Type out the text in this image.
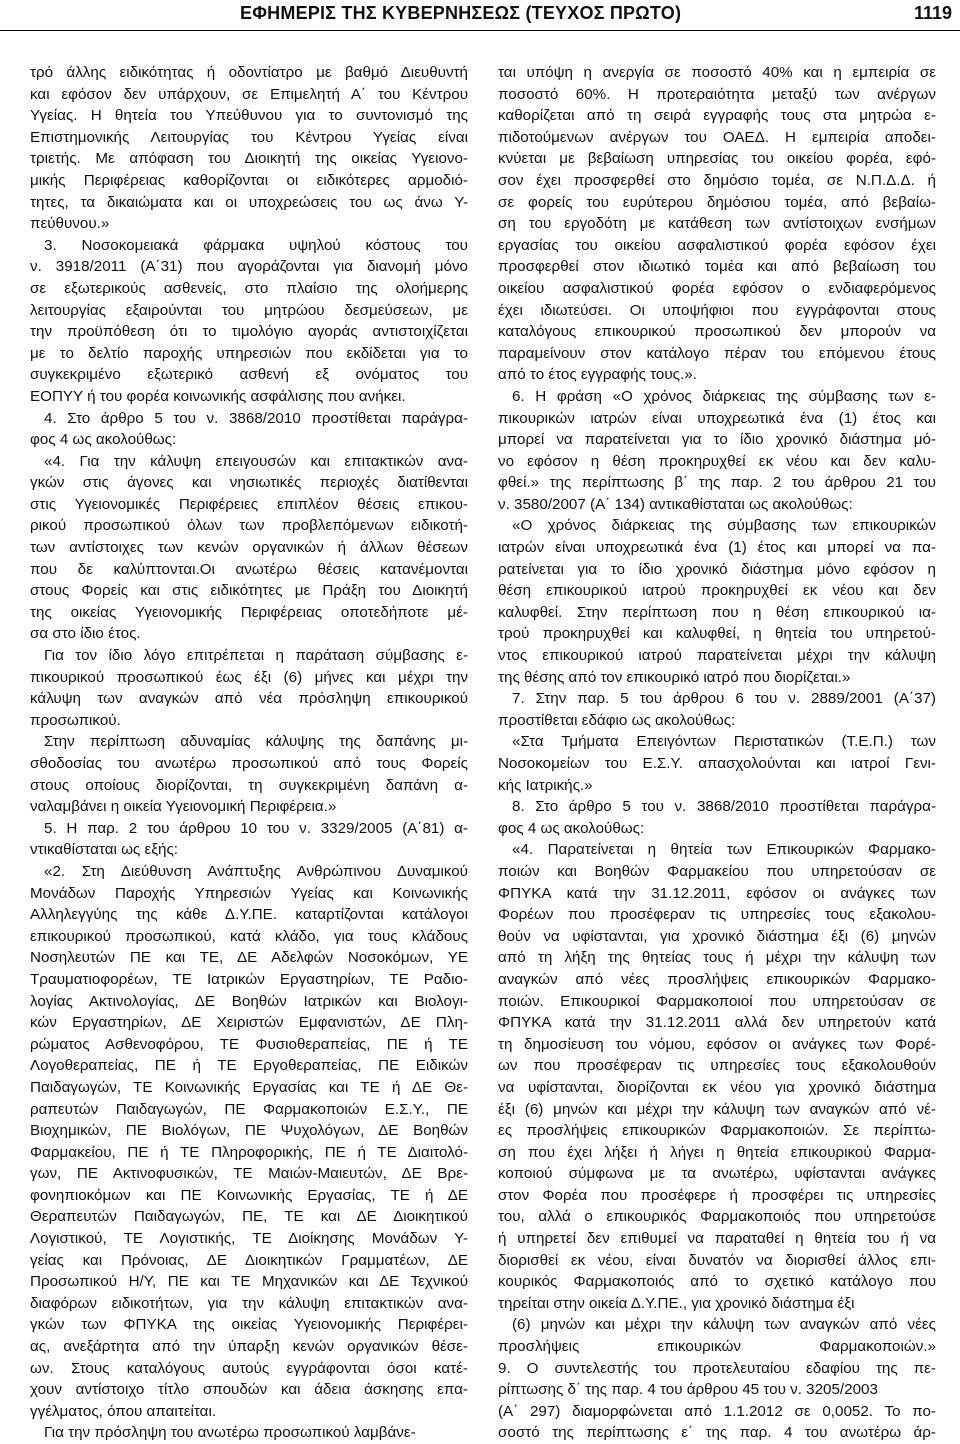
ΕΦΗΜΕΡΙΣ ΤΗΣ ΚΥΒΕΡΝΗΣΕΩΣ (ΤΕΥΧΟΣ ΠΡΩΤΟ)	1119
τρό άλλης ειδικότητας ή οδοντίατρο με βαθμό Διευθυντή
και εφόσον δεν υπάρχουν, σε Επιμελητή Α΄ του Κέντρου
Υγείας. Η θητεία του Υπεύθυνου για το συντονισμό της
Επιστημονικής Λειτουργίας του Κέντρου Υγείας είναι
τριετής. Με απόφαση του Διοικητή της οικείας Υγειονο-
μικής Περιφέρειας καθορίζονται οι ειδικότερες αρμοδιό-
τητες, τα δικαιώματα και οι υποχρεώσεις του ως άνω Υ-
πεύθυνου.»
3. Νοσοκομειακά φάρμακα υψηλού κόστους του
ν. 3918/2011 (Α΄31) που αγοράζονται για διανομή μόνο
σε εξωτερικούς ασθενείς, στο πλαίσιο της ολοήμερης
λειτουργίας εξαιρούνται του μητρώου δεσμεύσεων, με
την προϋπόθεση ότι το τιμολόγιο αγοράς αντιστοιχίζεται
με το δελτίο παροχής υπηρεσιών που εκδίδεται για το
συγκεκριμένο εξωτερικό ασθενή εξ ονόματος του
ΕΟΠΥΥ ή του φορέα κοινωνικής ασφάλισης που ανήκει.
4. Στο άρθρο 5 του ν. 3868/2010 προστίθεται παράγρα-
φος 4 ως ακολούθως:
«4. Για την κάλυψη επειγουσών και επιτακτικών ανα-
γκών στις άγονες και νησιωτικές περιοχές διατίθενται
στις Υγειονομικές Περιφέρειες επιπλέον θέσεις επικου-
ρικού προσωπικού όλων των προβλεπόμενων ειδικοτή-
των αντίστοιχες των κενών οργανικών ή άλλων θέσεων
που δε καλύπτονται.Οι ανωτέρω θέσεις κατανέμονται
στους Φορείς και στις ειδικότητες με Πράξη του Διοικητή
της οικείας Υγειονομικής Περιφέρειας οποτεδήποτε μέ-
σα στο ίδιο έτος.
Για τον ίδιο λόγο επιτρέπεται η παράταση σύμβασης ε-
πικουρικού προσωπικού έως έξι (6) μήνες και μέχρι την
κάλυψη των αναγκών από νέα πρόσληψη επικουρικού
προσωπικού.
Στην περίπτωση αδυναμίας κάλυψης της δαπάνης μι-
σθοδοσίας του ανωτέρω προσωπικού από τους Φορείς
στους οποίους διορίζονται, τη συγκεκριμένη δαπάνη α-
ναλαμβάνει η οικεία Υγειονομική Περιφέρεια.»
5. Η παρ. 2 του άρθρου 10 του ν. 3329/2005 (Α΄81) α-
ντικαθίσταται ως εξής:
«2. Στη Διεύθυνση Ανάπτυξης Ανθρώπινου Δυναμικού
Μονάδων Παροχής Υπηρεσιών Υγείας και Κοινωνικής
Αλληλεγγύης της κάθε Δ.Υ.ΠΕ. καταρτίζονται κατάλογοι
επικουρικού προσωπικού, κατά κλάδο, για τους κλάδους
Νοσηλευτών ΠΕ και ΤΕ, ΔΕ Αδελφών Νοσοκόμων, ΥΕ
Τραυματιοφορέων, ΤΕ Ιατρικών Εργαστηρίων, ΤΕ Ραδιο-
λογίας Ακτινολογίας, ΔΕ Βοηθών Ιατρικών και Βιολογι-
κών Εργαστηρίων, ΔΕ Χειριστών Εμφανιστών, ΔΕ Πλη-
ρώματος Ασθενοφόρου, ΤΕ Φυσιοθεραπείας, ΠΕ ή ΤΕ
Λογοθεραπείας, ΠΕ ή ΤΕ Εργοθεραπείας, ΠΕ Ειδικών
Παιδαγωγών, ΤΕ Κοινωνικής Εργασίας και ΤΕ ή ΔΕ Θε-
ραπευτών Παιδαγωγών, ΠΕ Φαρμακοποιών Ε.Σ.Υ., ΠΕ
Βιοχημικών, ΠΕ Βιολόγων, ΠΕ Ψυχολόγων, ΔΕ Βοηθών
Φαρμακείου, ΠΕ ή ΤΕ Πληροφορικής, ΠΕ ή ΤΕ Διαιτολό-
γων, ΠΕ Ακτινοφυσικών, ΤΕ Μαιών-Μαιευτών, ΔΕ Βρε-
φονηπιοκόμων και ΠΕ Κοινωνικής Εργασίας, ΤΕ ή ΔΕ
Θεραπευτών Παιδαγωγών, ΠΕ, ΤΕ και ΔΕ Διοικητικού
Λογιστικού, ΤΕ Λογιστικής, ΤΕ Διοίκησης Μονάδων Υ-
γείας και Πρόνοιας, ΔΕ Διοικητικών Γραμματέων, ΔΕ
Προσωπικού Η/Υ, ΠΕ και ΤΕ Μηχανικών και ΔΕ Τεχνικού
διαφόρων ειδικοτήτων, για την κάλυψη επιτακτικών ανα-
γκών των ΦΠΥΚΑ της οικείας Υγειονομικής Περιφέρει-
ας, ανεξάρτητα από την ύπαρξη κενών οργανικών θέσε-
ων. Στους καταλόγους αυτούς εγγράφονται όσοι κατέ-
χουν αντίστοιχο τίτλο σπουδών και άδεια άσκησης επα-
γγέλματος, όπου απαιτείται.
Για την πρόσληψη του ανωτέρω προσωπικού λαμβάνε-
ται υπόψη η ανεργία σε ποσοστό 40% και η εμπειρία σε
ποσοστό 60%. Η προτεραιότητα μεταξύ των ανέργων
καθορίζεται από τη σειρά εγγραφής τους στα μητρώα ε-
πιδοτούμενων ανέργων του ΟΑΕΔ. Η εμπειρία αποδει-
κνύεται με βεβαίωση υπηρεσίας του οικείου φορέα, εφό-
σον έχει προσφερθεί στο δημόσιο τομέα, σε Ν.Π.Δ.Δ. ή
σε φορείς του ευρύτερου δημόσιου τομέα, από βεβαίω-
ση του εργοδότη με κατάθεση των αντίστοιχων ενσήμων
εργασίας του οικείου ασφαλιστικού φορέα εφόσον έχει
προσφερθεί στον ιδιωτικό τομέα και από βεβαίωση του
οικείου ασφαλιστικού φορέα εφόσον ο ενδιαφερόμενος
έχει ιδιωτεύσει. Οι υποψήφιοι που εγγράφονται στους
καταλόγους επικουρικού προσωπικού δεν μπορούν να
παραμείνουν στον κατάλογο πέραν του επόμενου έτους
από το έτος εγγραφής τους.».
6. Η φράση «Ο χρόνος διάρκειας της σύμβασης των ε-
πικουρικών ιατρών είναι υποχρεωτικά ένα (1) έτος και
μπορεί να παρατείνεται για το ίδιο χρονικό διάστημα μό-
νο εφόσον η θέση προκηρυχθεί εκ νέου και δεν καλυ-
φθεί.» της περίπτωσης β΄ της παρ. 2 του άρθρου 21 του
ν. 3580/2007 (Α΄ 134) αντικαθίσταται ως ακολούθως:
«Ο χρόνος διάρκειας της σύμβασης των επικουρικών
ιατρών είναι υποχρεωτικά ένα (1) έτος και μπορεί να πα-
ρατείνεται για το ίδιο χρονικό διάστημα μόνο εφόσον η
θέση επικουρικού ιατρού προκηρυχθεί εκ νέου και δεν
καλυφθεί. Στην περίπτωση που η θέση επικουρικού ια-
τρού προκηρυχθεί και καλυφθεί, η θητεία του υπηρετού-
ντος επικουρικού ιατρού παρατείνεται μέχρι την κάλυψη
της θέσης από τον επικουρικό ιατρό που διορίζεται.»
7. Στην παρ. 5 του άρθρου 6 του ν. 2889/2001 (Α΄37)
προστίθεται εδάφιο ως ακολούθως:
«Στα Τμήματα Επειγόντων Περιστατικών (Τ.Ε.Π.) των
Νοσοκομείων του Ε.Σ.Υ. απασχολούνται και ιατροί Γενι-
κής Ιατρικής.»
8. Στο άρθρο 5 του ν. 3868/2010 προστίθεται παράγρα-
φος 4 ως ακολούθως:
«4. Παρατείνεται η θητεία των Επικουρικών Φαρμακο-
ποιών και Βοηθών Φαρμακείου που υπηρετούσαν σε
ΦΠΥΚΑ κατά την 31.12.2011, εφόσον οι ανάγκες των
Φορέων που προσέφεραν τις υπηρεσίες τους εξακολου-
θούν να υφίστανται, για χρονικό διάστημα έξι (6) μηνών
από τη λήξη της θητείας τους ή μέχρι την κάλυψη των
αναγκών από νέες προσλήψεις επικουρικών Φαρμακο-
ποιών. Επικουρικοί Φαρμακοποιοί που υπηρετούσαν σε
ΦΠΥΚΑ κατά την 31.12.2011 αλλά δεν υπηρετούν κατά
τη δημοσίευση του νόμου, εφόσον οι ανάγκες των Φορέ-
ων που προσέφεραν τις υπηρεσίες τους εξακολουθούν
να υφίστανται, διορίζονται εκ νέου για χρονικό διάστημα
έξι (6) μηνών και μέχρι την κάλυψη των αναγκών από νέ-
ες προσλήψεις επικουρικών Φαρμακοποιών. Σε περίπτω-
ση που έχει λήξει ή λήγει η θητεία επικουρικού Φαρμα-
κοποιού σύμφωνα με τα ανωτέρω, υφίστανται ανάγκες
στον Φορέα που προσέφερε ή προσφέρει τις υπηρεσίες
του, αλλά ο επικουρικός Φαρμακοποιός που υπηρετούσε
ή υπηρετεί δεν επιθυμεί να παραταθεί η θητεία του ή να
διορισθεί εκ νέου, είναι δυνατόν να διορισθεί άλλος επι-
κουρικός Φαρμακοποιός από το σχετικό κατάλογο που
τηρείται στην οικεία Δ.Υ.ΠΕ., για χρονικό διάστημα έξι
(6) μηνών και μέχρι την κάλυψη των αναγκών από νέες
προσλήψεις επικουρικών Φαρμακοποιών.»
9. Ο συντελεστής του προτελευταίου εδαφίου της πε-
ρίπτωσης δ΄ της παρ. 4 του άρθρου 45 του ν. 3205/2003
(Α΄ 297) διαμορφώνεται από 1.1.2012 σε 0,0052. Το πο-
σοστό της περίπτωσης ε΄ της παρ. 4 του ανωτέρω άρ-
